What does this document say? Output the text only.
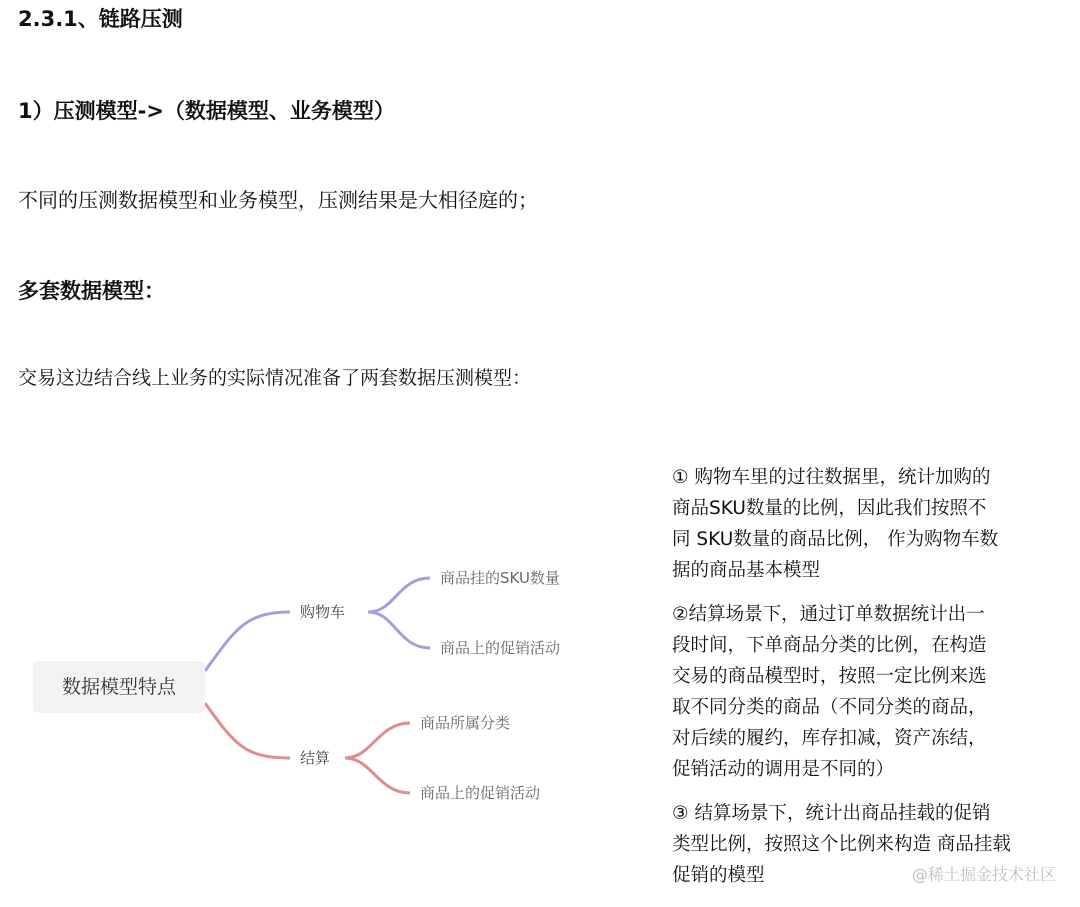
2.3.1、链路压测
1）压测模型->（数据模型、业务模型）
不同的压测数据模型和业务模型，压测结果是大相径庭的；
多套数据模型：
交易这边结合线上业务的实际情况准备了两套数据压测模型：
数据模型特点
购物车
结算
商品挂的SKU数量
商品上的促销活动
商品所属分类
商品上的促销活动
① 购物车里的过往数据里，统计加购的
商品SKU数量的比例，因此我们按照不
同 SKU数量的商品比例， 作为购物车数
据的商品基本模型
②结算场景下，通过订单数据统计出一
段时间，下单商品分类的比例，在构造
交易的商品模型时，按照一定比例来选
取不同分类的商品（不同分类的商品，
对后续的履约，库存扣减，资产冻结，
促销活动的调用是不同的）
③ 结算场景下，统计出商品挂载的促销
类型比例，按照这个比例来构造 商品挂载
促销的模型	@稀土掘金技术社区
